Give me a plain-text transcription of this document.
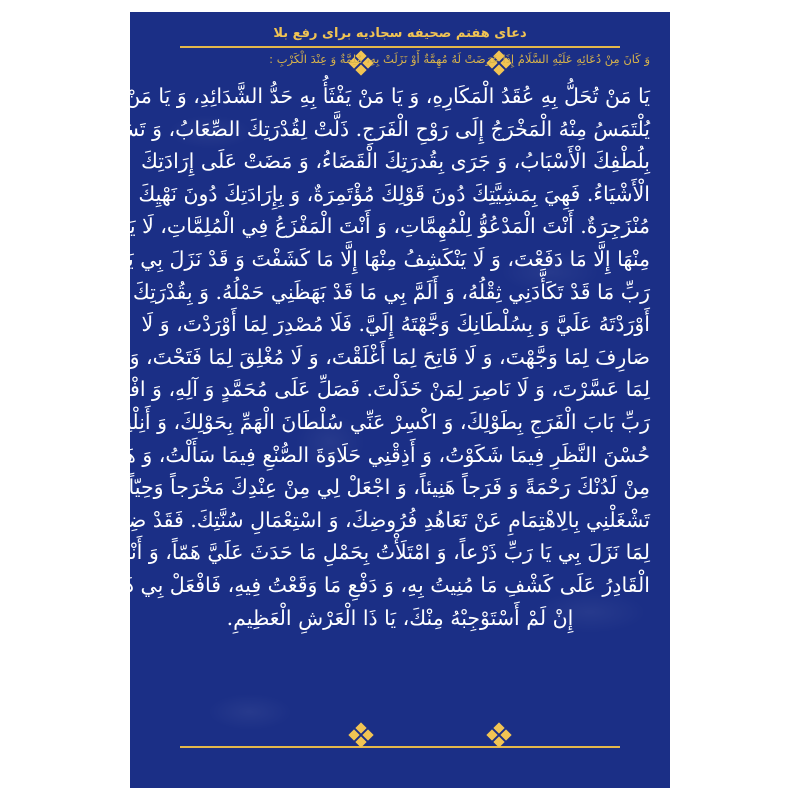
دعای هفتم صحیفه سجادیه برای رفع بلا
وَ كَانَ مِنْ دُعَائِهِ عَلَيْهِ السَّلَامُ إِذَا عَرَضَتْ لَهُ مُهِمَّةٌ أَوْ نَزَلَتْ بِهِ، مُلِمَّةٌ وَ عِنْدَ الْكَرْبِ :
يَا مَنْ تُحَلُّ بِهِ عُقَدُ الْمَكَارِهِ، وَ يَا مَنْ يَفْثَأُ بِهِ حَدُّ الشَّدَائِدِ، وَ يَا مَنْ
يُلْتَمَسُ مِنْهُ الْمَخْرَجُ إِلَى رَوْحِ الْفَرَجِ. ذَلَّتْ لِقُدْرَتِكَ الصِّعَابُ، وَ تَسَبَّبَتْ
بِلُطْفِكَ الْأَسْبَابُ، وَ جَرَى بِقُدرَتِكَ الْقَضَاءُ، وَ مَضَتْ عَلَى إِرَادَتِكَ
الْأَشْيَاءُ. فَهِيَ بِمَشِيَّتِكَ دُونَ قَوْلِكَ مُؤْتَمِرَةٌ، وَ بِإِرَادَتِكَ دُونَ نَهْيِكَ
مُنْزَجِرَةٌ. أَنْتَ الْمَدْعُوُّ لِلْمُهِمَّاتِ، وَ أَنْتَ الْمَفْزَعُ فِي الْمُلِمَّاتِ، لَا يَنْدَفِعُ
مِنْهَا إِلَّا مَا دَفَعْتَ، وَ لَا يَنْكَشِفُ مِنْهَا إِلَّا مَا كَشَفْتَ وَ قَدْ نَزَلَ بِي يَا
رَبِّ مَا قَدْ تَكَأَّدَنِي ثِقْلُهُ، وَ أَلَمَّ بِي مَا قَدْ بَهَظَنِي حَمْلُهُ. وَ بِقُدْرَتِكَ
أَوْرَدْتَهُ عَلَيَّ وَ بِسُلْطَانِكَ وَجَّهْتَهُ إِلَيَّ. فَلَا مُصْدِرَ لِمَا أَوْرَدْتَ، وَ لَا
صَارِفَ لِمَا وَجَّهْتَ، وَ لَا فَاتِحَ لِمَا أَغْلَقْتَ، وَ لَا مُغْلِقَ لِمَا فَتَحْتَ، وَ لَا مُيَسِّرَ
لِمَا عَسَّرْتَ، وَ لَا نَاصِرَ لِمَنْ خَذَلْتَ. فَصَلِّ عَلَى مُحَمَّدٍ وَ آلِهِ، وَ افْتَحْ لِي يَا
رَبِّ بَابَ الْفَرَجِ بِطَوْلِكَ، وَ اكْسِرْ عَنِّي سُلْطَانَ الْهَمِّ بِحَوْلِكَ، وَ أَنِلْنِي
حُسْنَ النَّظَرِ فِيمَا شَكَوْتُ، وَ أَذِقْنِي حَلَاوَةَ الصُّنْعِ فِيمَا سَأَلْتُ، وَ هَبْ لِي
مِنْ لَدُنْكَ رَحْمَةً وَ فَرَجاً هَنِيئاً، وَ اجْعَلْ لِي مِنْ عِنْدِكَ مَخْرَجاً وَحِيّاً، وَ لَا
تَشْغَلْنِي بِالِاهْتِمَامِ عَنْ تَعَاهُدِ فُرُوضِكَ، وَ اسْتِعْمَالِ سُنَّتِكَ. فَقَدْ ضِقْتُ
لِمَا نَزَلَ بِي يَا رَبِّ ذَرْعاً، وَ امْتَلَأْتُ بِحَمْلِ مَا حَدَثَ عَلَيَّ هَمّاً، وَ أَنْتَ
الْقَادِرُ عَلَى كَشْفِ مَا مُنِيتُ بِهِ، وَ دَفْعِ مَا وَقَعْتُ فِيهِ، فَافْعَلْ بِي ذَلِكَ وَ
إِنْ لَمْ أَسْتَوْجِبْهُ مِنْكَ، يَا ذَا الْعَرْشِ الْعَظِيمِ.
